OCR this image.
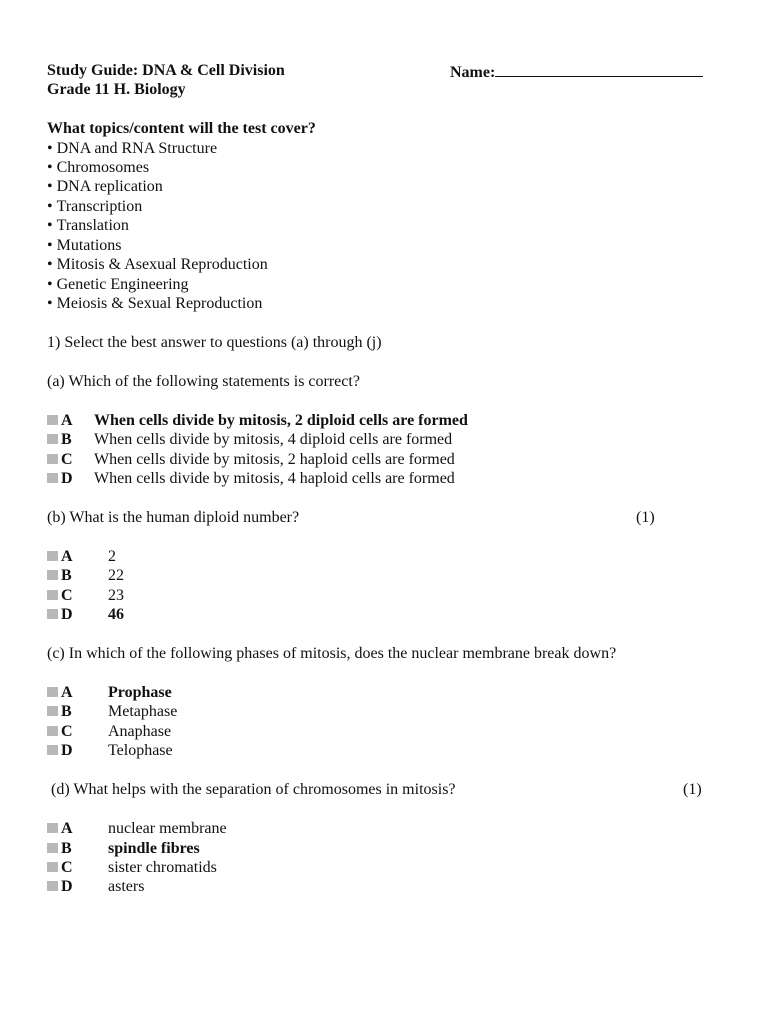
Study Guide: DNA & Cell Division	Name:
Grade 11 H. Biology
What topics/content will the test cover?
• DNA and RNA Structure
• Chromosomes
• DNA replication
• Transcription
• Translation
• Mutations
• Mitosis & Asexual Reproduction
• Genetic Engineering
• Meiosis & Sexual Reproduction
1) Select the best answer to questions (a) through (j)
(a) Which of the following statements is correct?
A When cells divide by mitosis, 2 diploid cells are formed
B When cells divide by mitosis, 4 diploid cells are formed
C When cells divide by mitosis, 2 haploid cells are formed
D When cells divide by mitosis, 4 haploid cells are formed
(b) What is the human diploid number?	(1)
A 2
B 22
C 23
D 46
(c) In which of the following phases of mitosis, does the nuclear membrane break down?
A Prophase
B Metaphase
C Anaphase
D Telophase
(d) What helps with the separation of chromosomes in mitosis?	(1)
A nuclear membrane
B spindle fibres
C sister chromatids
D asters
